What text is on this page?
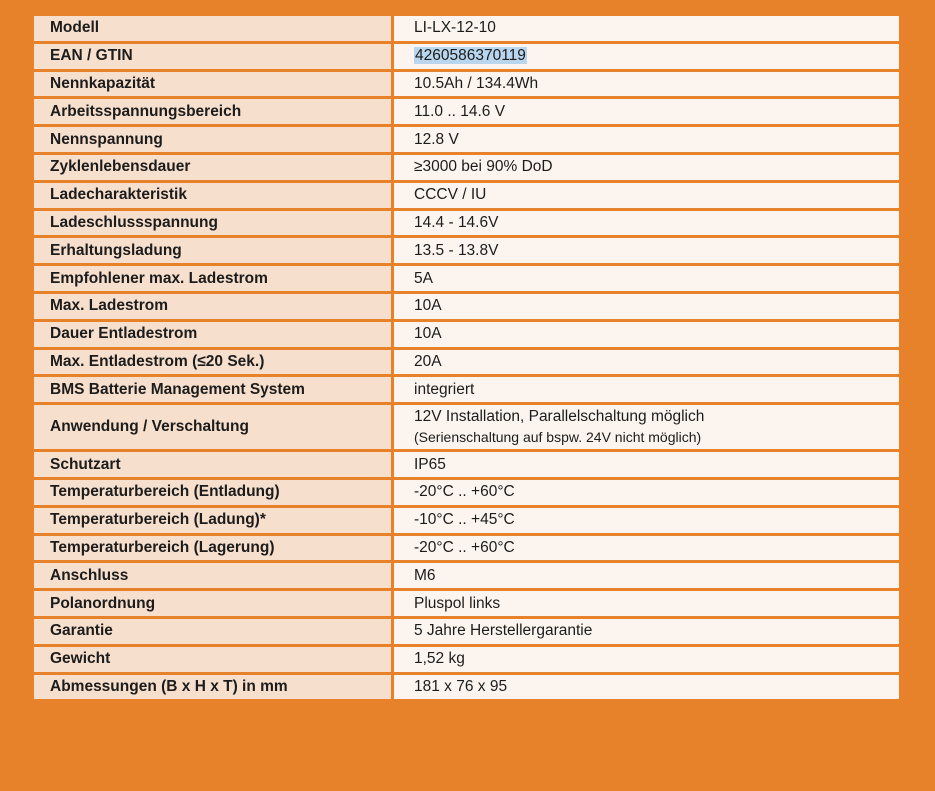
Modell	LI-LX-12-10

EAN / GTIN	4260586370119
Nennkapazität	10.5Ah / 134.4Wh

Arbeitsspannungsbereich	11.0 .. 14.6 V

Nennspannung	12.8 V

Zyklenlebensdauer	≥3000 bei 90% DoD

Ladecharakteristik	CCCV / IU

Ladeschlussspannung	14.4 - 14.6V

Erhaltungsladung	13.5 - 13.8V

Empfohlener max. Ladestrom	5A

Max. Ladestrom	10A

Dauer Entladestrom	10A

Max. Entladestrom (≤20 Sek.)	20A

BMS Batterie Management System	integriert

Anwendung / Verschaltung	12V Installation, Parallelschaltung möglich
(Serienschaltung auf bspw. 24V nicht möglich)

Schutzart	IP65

Temperaturbereich (Entladung)	-20°C .. +60°C

Temperaturbereich (Ladung)*	-10°C .. +45°C

Temperaturbereich (Lagerung)	-20°C .. +60°C

Anschluss	M6

Polanordnung	Pluspol links

Garantie	5 Jahre Herstellergarantie

Gewicht	1,52 kg

Abmessungen (B x H x T) in mm	181 x 76 x 95
